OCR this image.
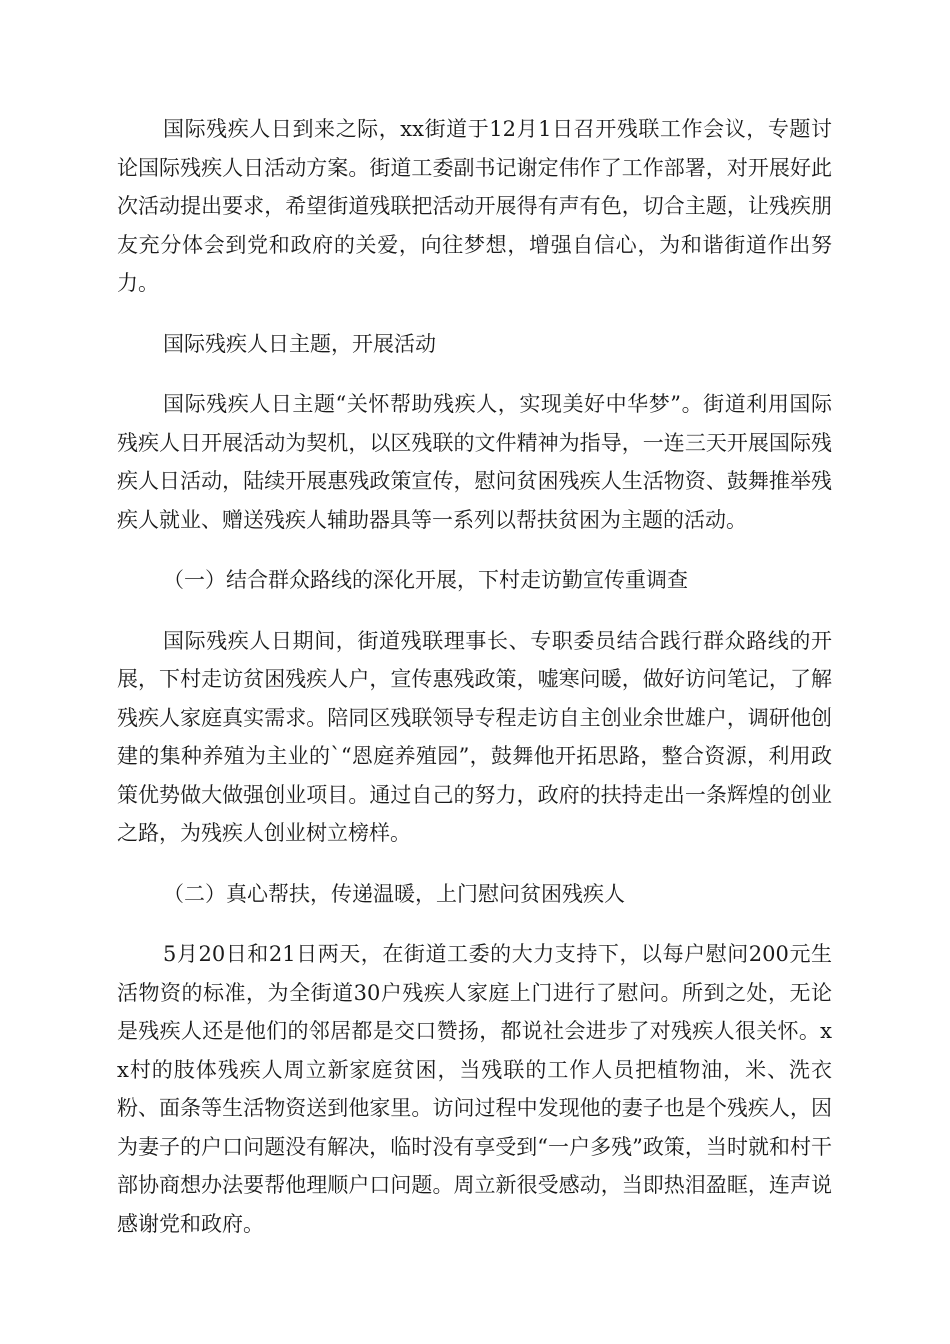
国际残疾人日到来之际，xx街道于12月1日召开残联工作会议，专题讨论国际残疾人日活动方案。街道工委副书记谢定伟作了工作部署，对开展好此次活动提出要求，希望街道残联把活动开展得有声有色，切合主题，让残疾朋友充分体会到党和政府的关爱，向往梦想，增强自信心，为和谐街道作出努力。

国际残疾人日主题，开展活动

国际残疾人日主题“关怀帮助残疾人，实现美好中华梦”。街道利用国际残疾人日开展活动为契机，以区残联的文件精神为指导，一连三天开展国际残疾人日活动，陆续开展惠残政策宣传，慰问贫困残疾人生活物资、鼓舞推举残疾人就业、赠送残疾人辅助器具等一系列以帮扶贫困为主题的活动。

（一）结合群众路线的深化开展，下村走访勤宣传重调查

国际残疾人日期间，街道残联理事长、专职委员结合践行群众路线的开展，下村走访贫困残疾人户，宣传惠残政策，嘘寒问暖，做好访问笔记，了解残疾人家庭真实需求。陪同区残联领导专程走访自主创业余世雄户，调研他创建的集种养殖为主业的`“恩庭养殖园”，鼓舞他开拓思路，整合资源，利用政策优势做大做强创业项目。通过自己的努力，政府的扶持走出一条辉煌的创业之路，为残疾人创业树立榜样。

（二）真心帮扶，传递温暖，上门慰问贫困残疾人

5月20日和21日两天，在街道工委的大力支持下，以每户慰问200元生活物资的标准，为全街道30户残疾人家庭上门进行了慰问。所到之处，无论是残疾人还是他们的邻居都是交口赞扬，都说社会进步了对残疾人很关怀。xx村的肢体残疾人周立新家庭贫困，当残联的工作人员把植物油，米、洗衣粉、面条等生活物资送到他家里。访问过程中发现他的妻子也是个残疾人，因为妻子的户口问题没有解决，临时没有享受到“一户多残”政策，当时就和村干部协商想办法要帮他理顺户口问题。周立新很受感动，当即热泪盈眶，连声说感谢党和政府。
